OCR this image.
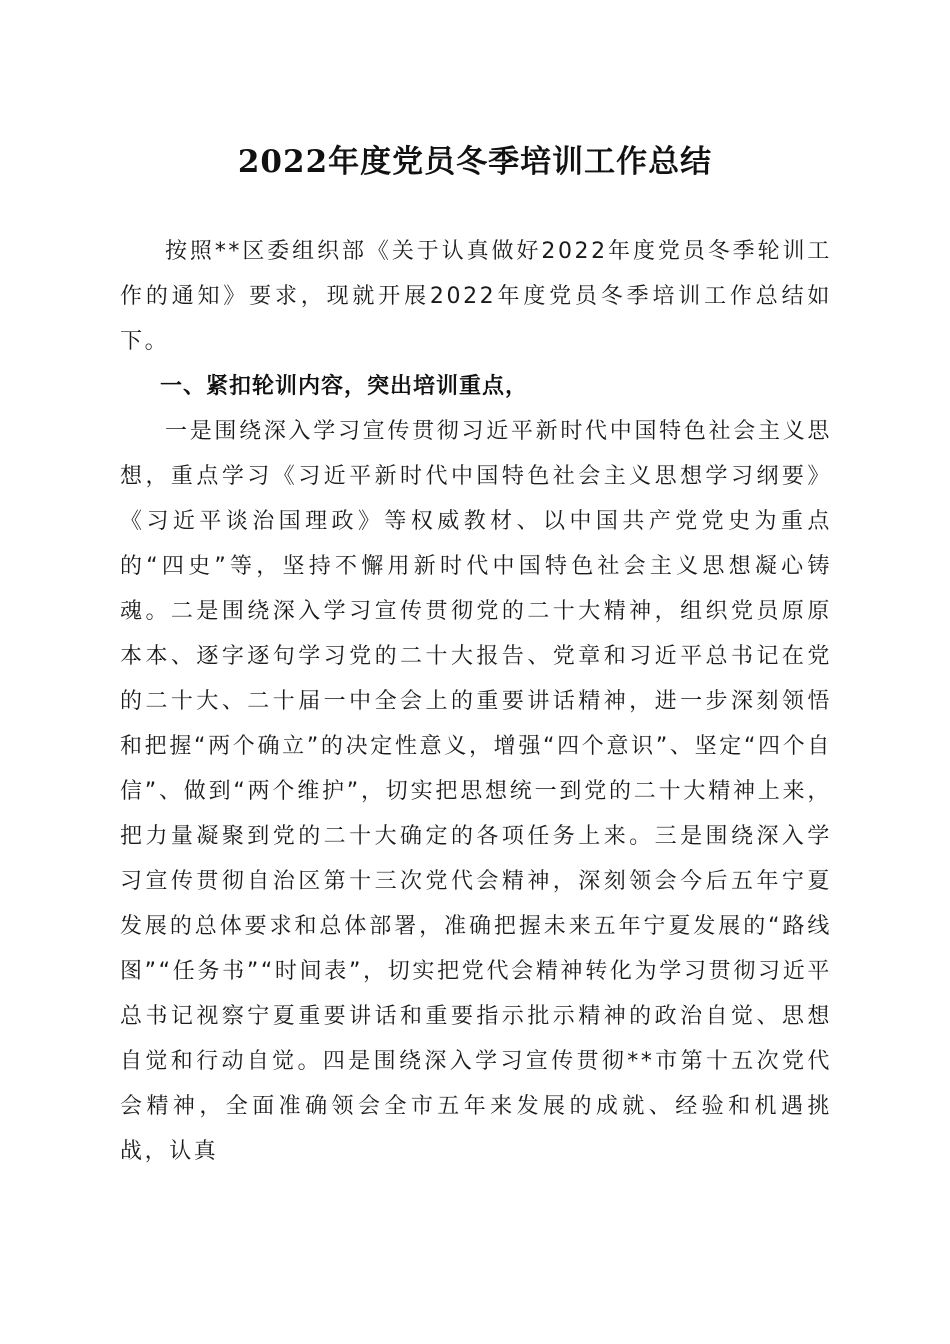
2022年度党员冬季培训工作总结

按照**区委组织部《关于认真做好2022年度党员冬季轮训工作的通知》要求，现就开展2022年度党员冬季培训工作总结如下。

一、紧扣轮训内容，突出培训重点，

一是围绕深入学习宣传贯彻习近平新时代中国特色社会主义思想，重点学习《习近平新时代中国特色社会主义思想学习纲要》《习近平谈治国理政》等权威教材、以中国共产党党史为重点的“四史”等，坚持不懈用新时代中国特色社会主义思想凝心铸魂。二是围绕深入学习宣传贯彻党的二十大精神，组织党员原原本本、逐字逐句学习党的二十大报告、党章和习近平总书记在党的二十大、二十届一中全会上的重要讲话精神，进一步深刻领悟和把握“两个确立”的决定性意义，增强“四个意识”、坚定“四个自信”、做到“两个维护”，切实把思想统一到党的二十大精神上来，把力量凝聚到党的二十大确定的各项任务上来。三是围绕深入学习宣传贯彻自治区第十三次党代会精神，深刻领会今后五年宁夏发展的总体要求和总体部署，准确把握未来五年宁夏发展的“路线图”“任务书”“时间表”，切实把党代会精神转化为学习贯彻习近平总书记视察宁夏重要讲话和重要指示批示精神的政治自觉、思想自觉和行动自觉。四是围绕深入学习宣传贯彻**市第十五次党代会精神，全面准确领会全市五年来发展的成就、经验和机遇挑战，认真
